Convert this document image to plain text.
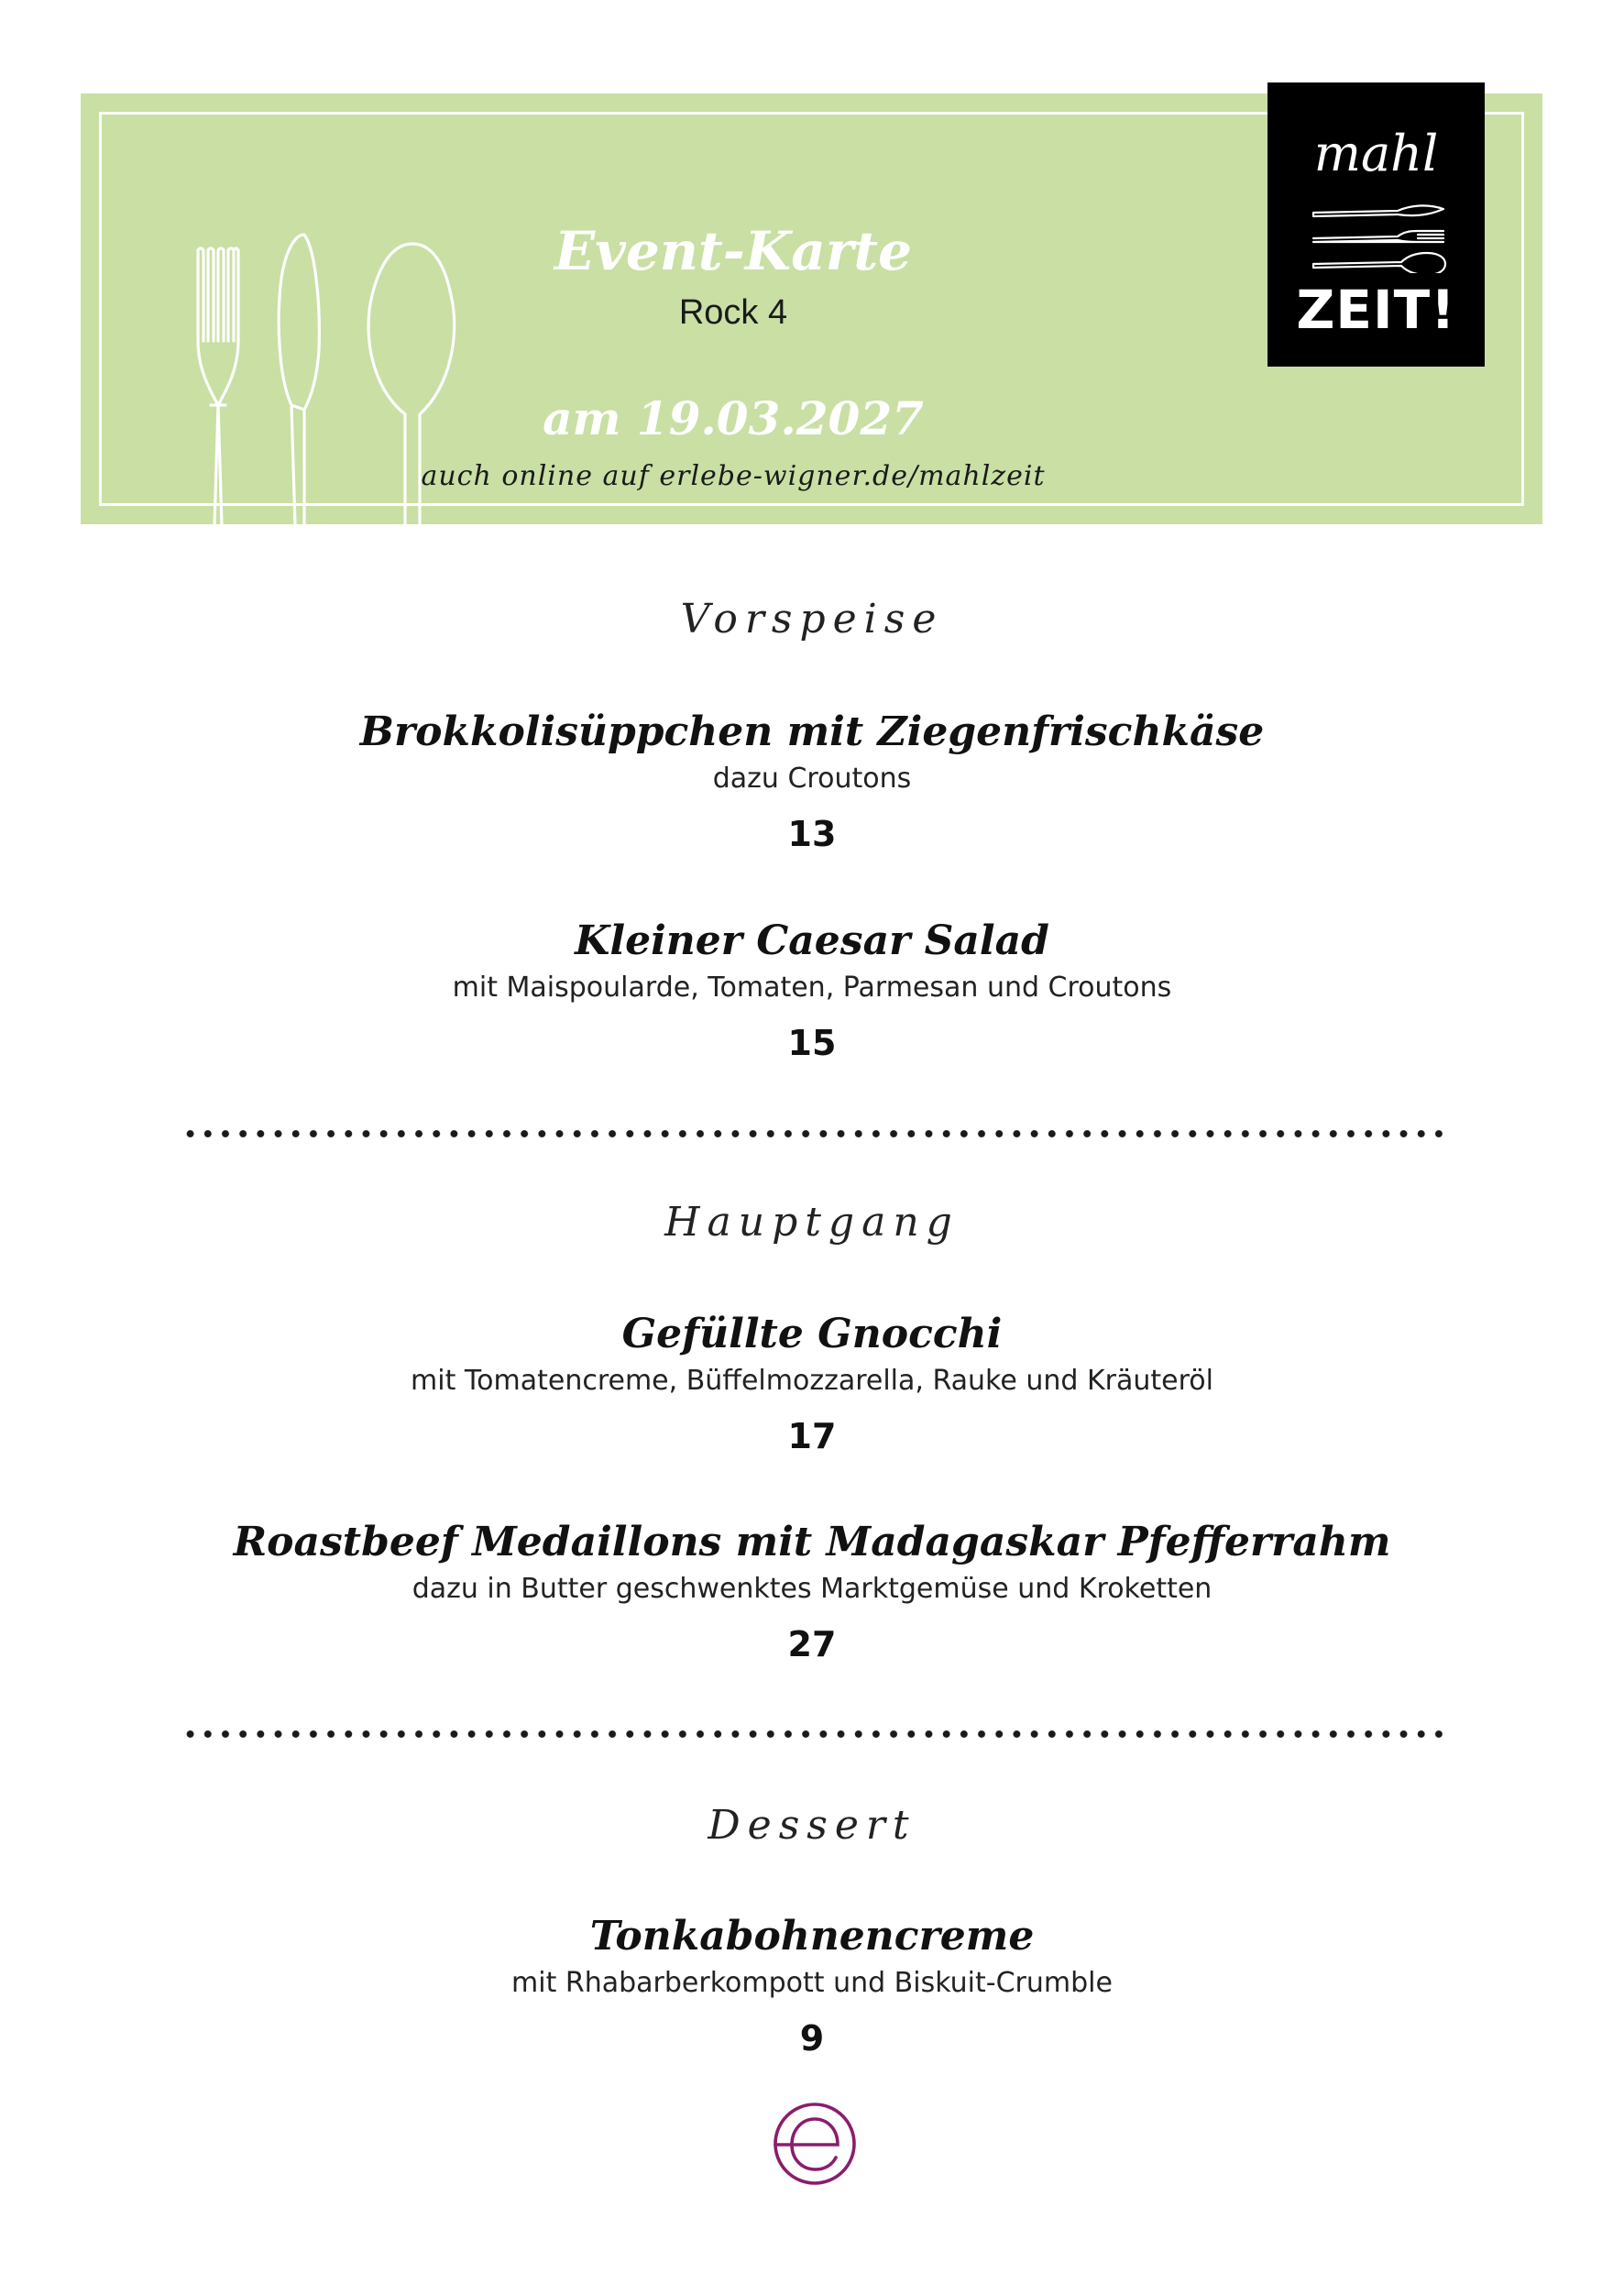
Event-Karte
Rock 4
am 19.03.2027
auch online auf erlebe-wigner.de/mahlzeit
mahl
ZEIT!
Vorspeise
Brokkolisüppchen mit Ziegenfrischkäse
dazu Croutons
13
Kleiner Caesar Salad
mit Maispoularde, Tomaten, Parmesan und Croutons
15
Hauptgang
Gefüllte Gnocchi
mit Tomatencreme, Büffelmozzarella, Rauke und Kräuteröl
17
Roastbeef Medaillons mit Madagaskar Pfefferrahm
dazu in Butter geschwenktes Marktgemüse und Kroketten
27
Dessert
Tonkabohnencreme
mit Rhabarberkompott und Biskuit-Crumble
9
